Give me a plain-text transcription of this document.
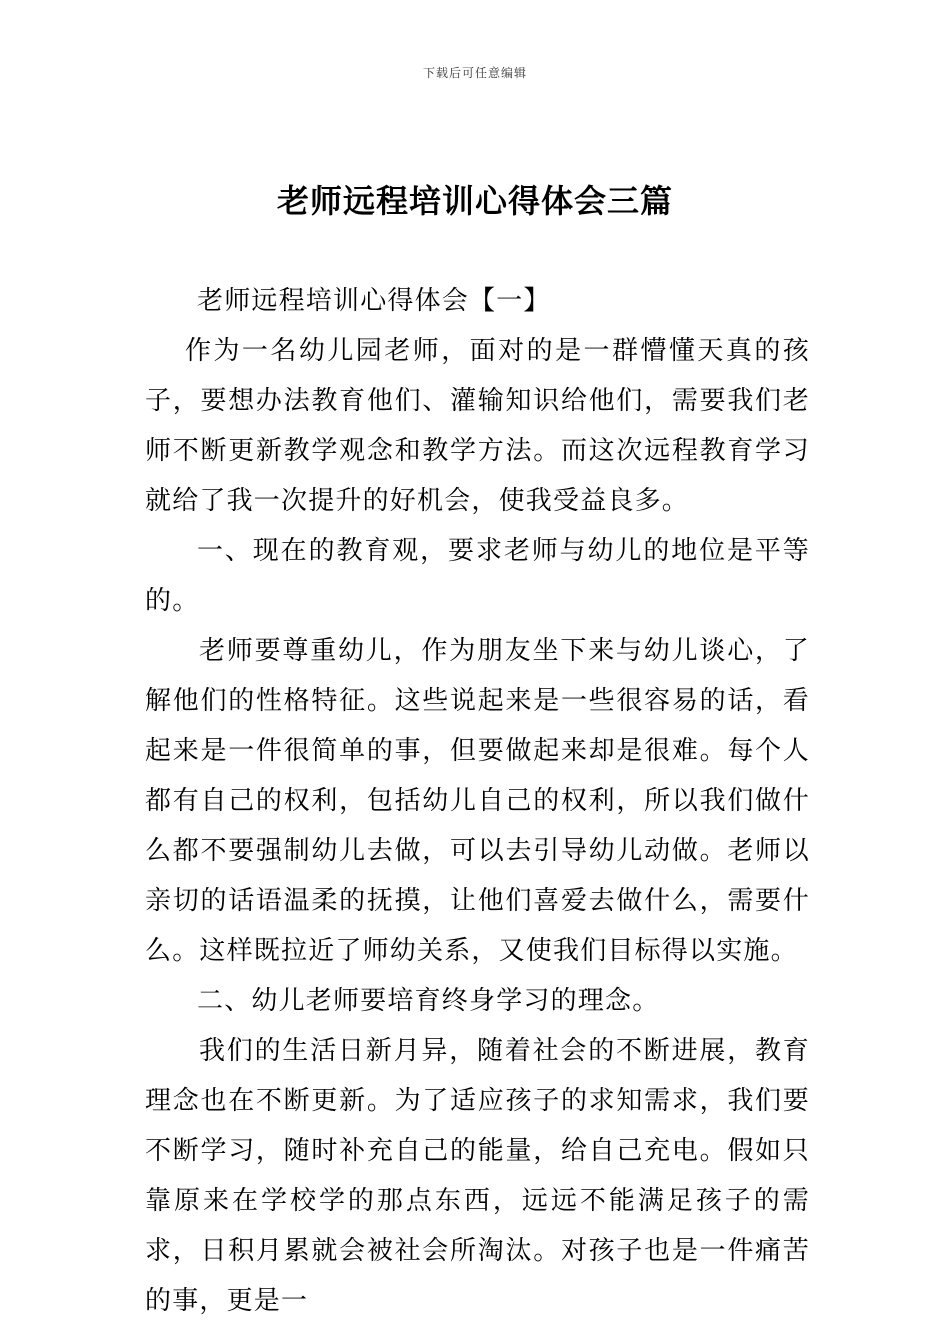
下载后可任意编辑
老师远程培训心得体会三篇

老师远程培训心得体会【一】

作为一名幼儿园老师，面对的是一群懵懂天真的孩子，要想办法教育他们、灌输知识给他们，需要我们老师不断更新教学观念和教学方法。而这次远程教育学习就给了我一次提升的好机会，使我受益良多。

一、现在的教育观，要求老师与幼儿的地位是平等的。

老师要尊重幼儿，作为朋友坐下来与幼儿谈心，了解他们的性格特征。这些说起来是一些很容易的话，看起来是一件很简单的事，但要做起来却是很难。每个人都有自己的权利，包括幼儿自己的权利，所以我们做什么都不要强制幼儿去做，可以去引导幼儿动做。老师以亲切的话语温柔的抚摸，让他们喜爱去做什么，需要什么。这样既拉近了师幼关系，又使我们目标得以实施。

二、幼儿老师要培育终身学习的理念。

我们的生活日新月异，随着社会的不断进展，教育理念也在不断更新。为了适应孩子的求知需求，我们要不断学习，随时补充自己的能量，给自己充电。假如只靠原来在学校学的那点东西，远远不能满足孩子的需求，日积月累就会被社会所淘汰。对孩子也是一件痛苦的事，更是一
